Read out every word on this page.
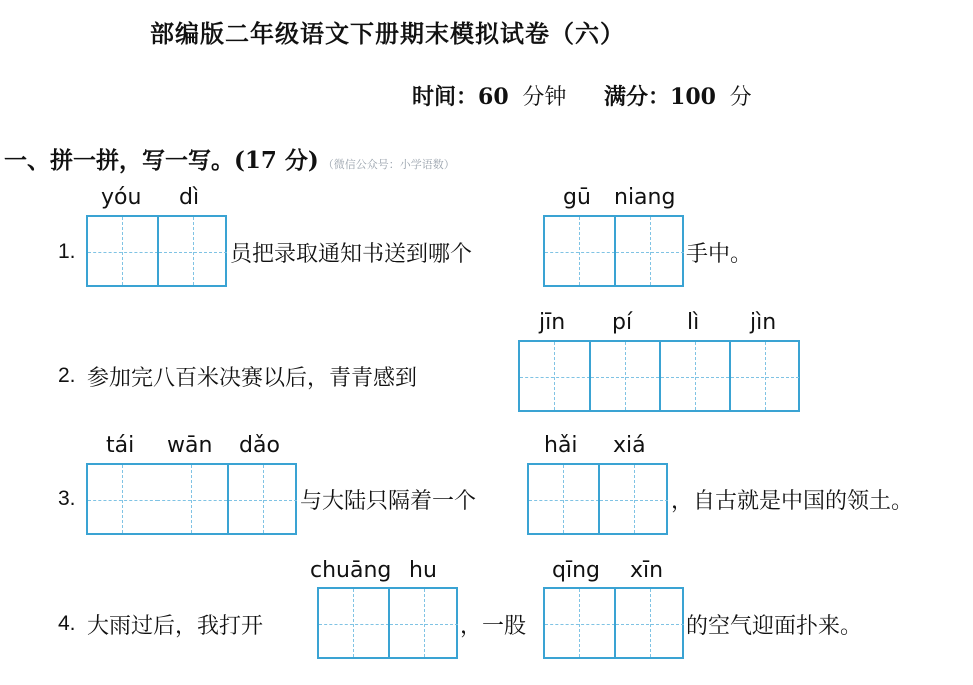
部编版二年级语文下册期末模拟试卷（六）
时间：60 分钟 满分：100 分
一、拼一拼，写一写。(17 分) （微信公众号：小学语数）
1.
yóu dì
员把录取通知书送到哪个
gū niang
手中。
2. 参加完八百米决赛以后，青青感到
jīn pí lì jìn
3.
tái wān dǎo
与大陆只隔着一个
hǎi xiá
，自古就是中国的领土。
4. 大雨过后，我打开
chuāng hu
，一股
qīng xīn
的空气迎面扑来。
